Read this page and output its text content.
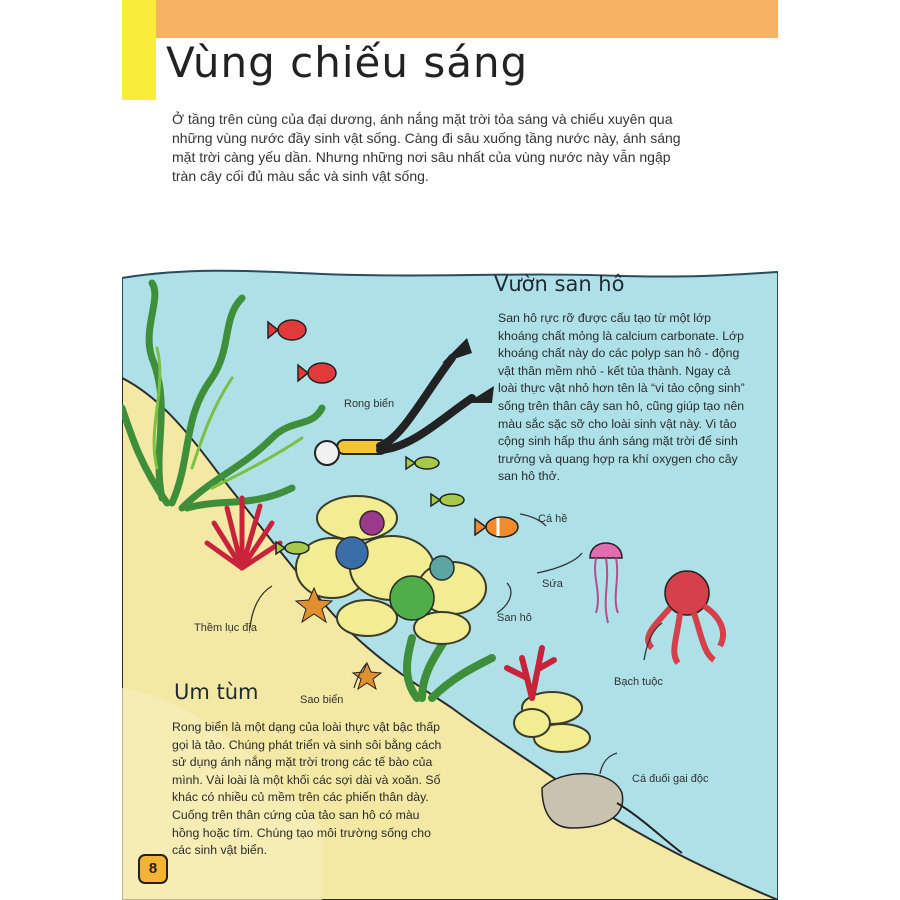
Vùng chiếu sáng
Ở tầng trên cùng của đại dương, ánh nắng mặt trời tỏa sáng và chiếu xuyên qua những vùng nước đầy sinh vật sống. Càng đi sâu xuống tầng nước này, ánh sáng mặt trời càng yếu dần. Nhưng những nơi sâu nhất của vùng nước này vẫn ngập tràn cây cối đủ màu sắc và sinh vật sống.
Vườn san hô
San hô rực rỡ được cấu tạo từ một lớp khoáng chất mỏng là calcium carbonate. Lớp khoáng chất này do các polyp san hô - động vật thân mềm nhỏ - kết tủa thành. Ngay cả loài thực vật nhỏ hơn tên là “vi tảo cộng sinh” sống trên thân cây san hô, cũng giúp tạo nên màu sắc sặc sỡ cho loài sinh vật này. Vi tảo cộng sinh hấp thu ánh sáng mặt trời để sinh trưởng và quang hợp ra khí oxygen cho cây san hô thở.
Um tùm
Rong biển là một dạng của loài thực vật bậc thấp gọi là tảo. Chúng phát triển và sinh sôi bằng cách sử dụng ánh nắng mặt trời trong các tế bào của mình. Vài loài là một khối các sợi dài và xoăn. Số khác có nhiều củ mềm trên các phiến thân dày. Cuống trên thân cứng của tảo san hô có màu hồng hoặc tím. Chúng tạo môi trường sống cho các sinh vật biển.
Rong biển
Cá hề
Sứa
San hô
Thềm lục địa
Sao biển
Bạch tuộc
Cá đuối gai độc
8
